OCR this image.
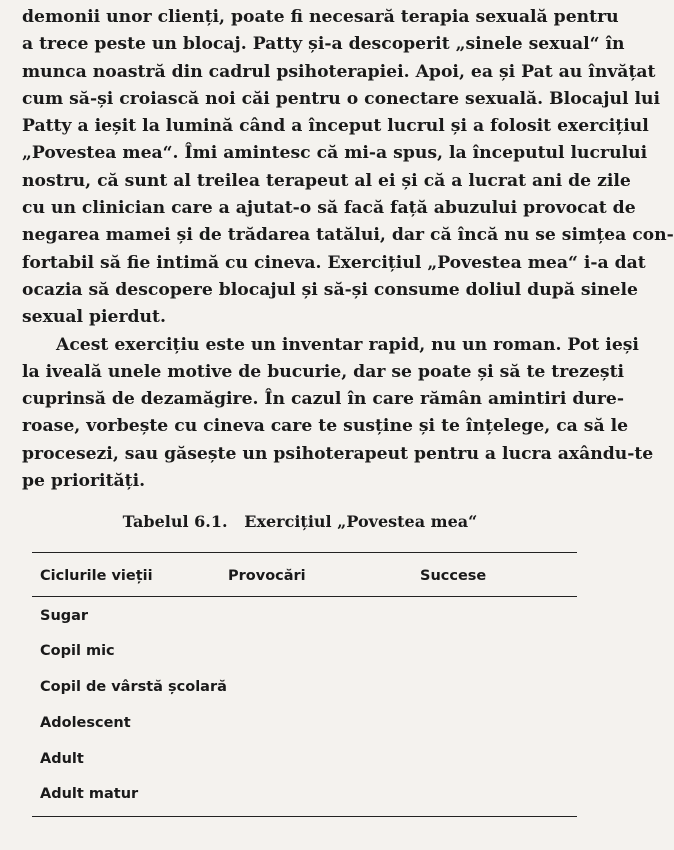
demonii unor clienți, poate fi necesară terapia sexuală pentru
a trece peste un blocaj. Patty și-a descoperit „sinele sexual“ în
munca noastră din cadrul psihoterapiei. Apoi, ea și Pat au învățat
cum să-și croiască noi căi pentru o conectare sexuală. Blocajul lui
Patty a ieșit la lumină când a început lucrul și a folosit exercițiul
„Povestea mea“. Îmi amintesc că mi-a spus, la începutul lucrului
nostru, că sunt al treilea terapeut al ei și că a lucrat ani de zile
cu un clinician care a ajutat-o să facă față abuzului provocat de
negarea mamei și de trădarea tatălui, dar că încă nu se simțea con-
fortabil să fie intimă cu cineva. Exercițiul „Povestea mea“ i-a dat
ocazia să descopere blocajul și să-și consume doliul după sinele
sexual pierdut.

Acest exercițiu este un inventar rapid, nu un roman. Pot ieși
la iveală unele motive de bucurie, dar se poate și să te trezești
cuprinsă de dezamăgire. În cazul în care rămân amintiri dure-
roase, vorbește cu cineva care te susține și te înțelege, ca să le
procesezi, sau găsește un psihoterapeut pentru a lucra axându-te
pe priorități.

Tabelul 6.1.   Exercițiul „Povestea mea“
Ciclurile vieții	Provocări	Succese
Sugar
Copil mic
Copil de vârstă școlară
Adolescent
Adult
Adult matur
